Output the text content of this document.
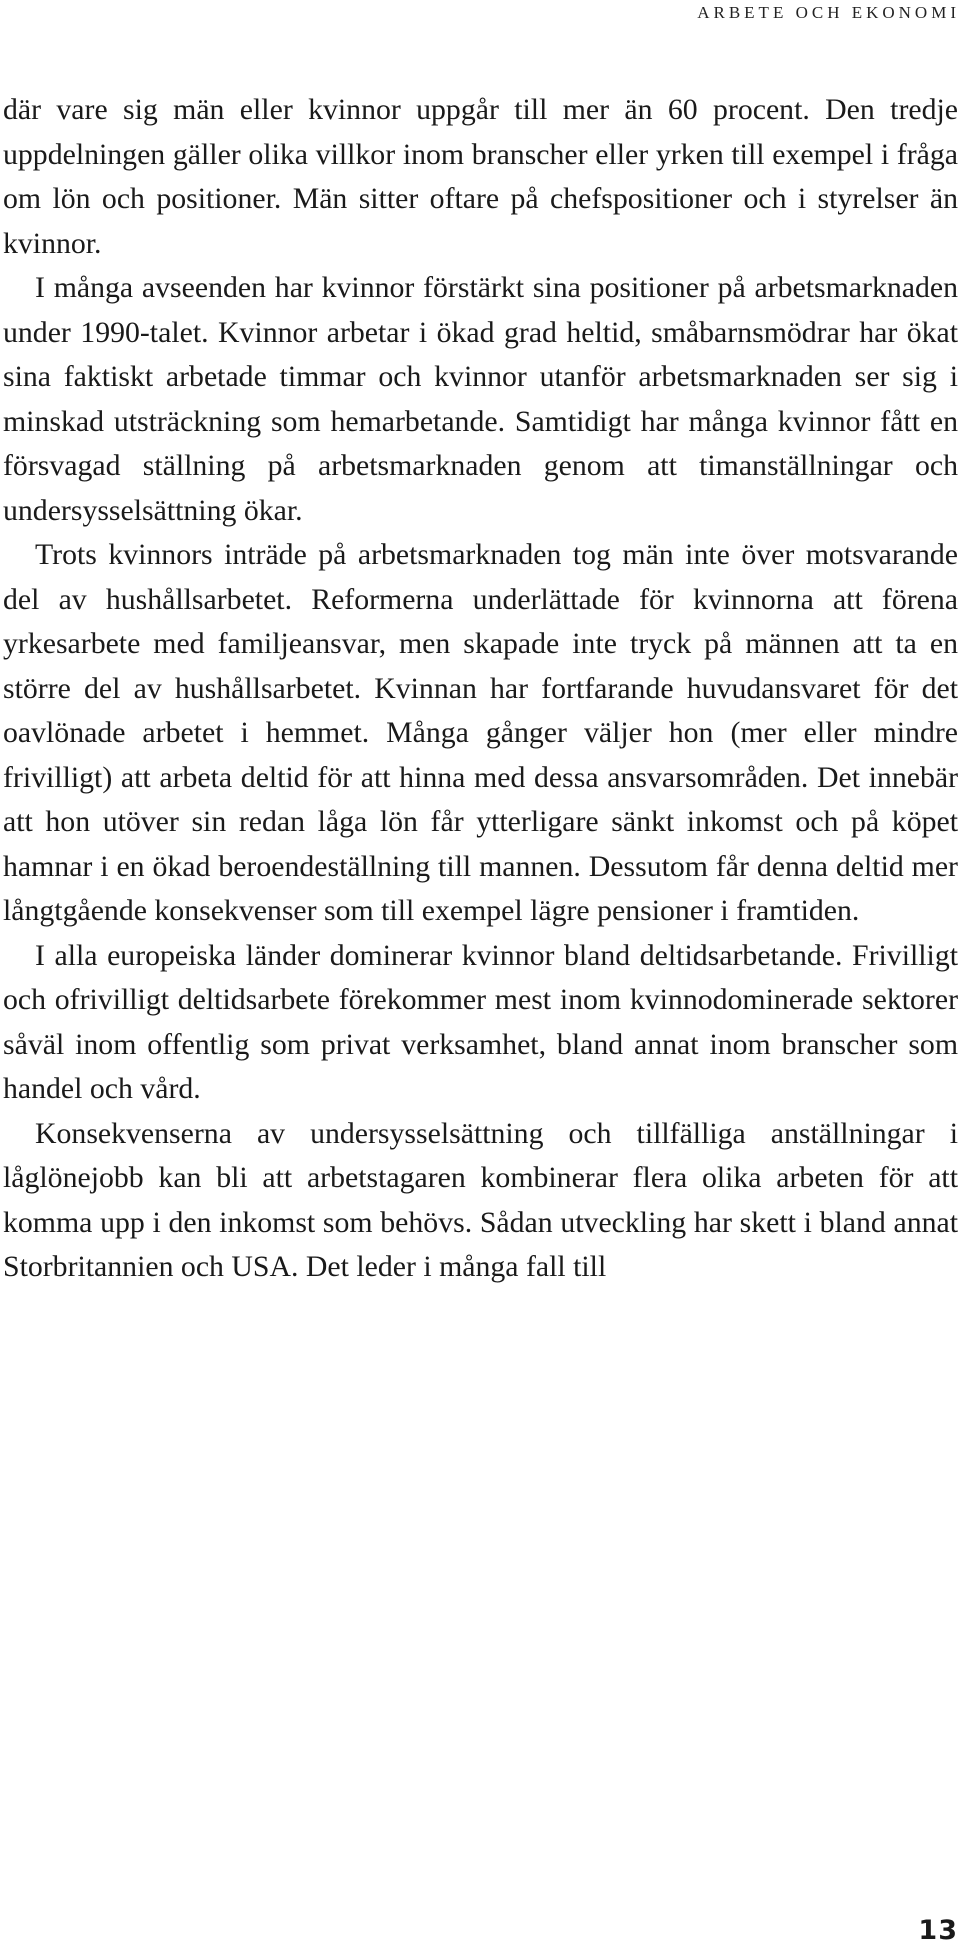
ARBETE OCH EKONOMI

där vare sig män eller kvinnor uppgår till mer än 60 procent. Den tredje uppdelningen gäller olika villkor inom branscher eller yrken till exempel i fråga om lön och positioner. Män sitter oftare på chefspositioner och i styrelser än kvinnor.

I många avseenden har kvinnor förstärkt sina positioner på arbetsmarknaden under 1990-talet. Kvinnor arbetar i ökad grad heltid, småbarnsmödrar har ökat sina faktiskt arbetade timmar och kvinnor utanför arbetsmarknaden ser sig i minskad utsträckning som hemarbetande. Samtidigt har många kvinnor fått en försvagad ställning på arbetsmarknaden genom att timanställningar och undersysselsättning ökar.

Trots kvinnors inträde på arbetsmarknaden tog män inte över motsvarande del av hushållsarbetet. Reformerna underlättade för kvinnorna att förena yrkesarbete med familjeansvar, men skapade inte tryck på männen att ta en större del av hushållsarbetet. Kvinnan har fortfarande huvudansvaret för det oavlönade arbetet i hemmet. Många gånger väljer hon (mer eller mindre frivilligt) att arbeta deltid för att hinna med dessa ansvarsområden. Det innebär att hon utöver sin redan låga lön får ytterligare sänkt inkomst och på köpet hamnar i en ökad beroendeställning till mannen. Dessutom får denna deltid mer långtgående konsekvenser som till exempel lägre pensioner i framtiden.

I alla europeiska länder dominerar kvinnor bland deltidsarbetande. Frivilligt och ofrivilligt deltidsarbete förekommer mest inom kvinnodominerade sektorer såväl inom offentlig som privat verksamhet, bland annat inom branscher som handel och vård.

Konsekvenserna av undersysselsättning och tillfälliga anställningar i låglönejobb kan bli att arbetstagaren kombinerar flera olika arbeten för att komma upp i den inkomst som behövs. Sådan utveckling har skett i bland annat Storbritannien och USA. Det leder i många fall till

13
